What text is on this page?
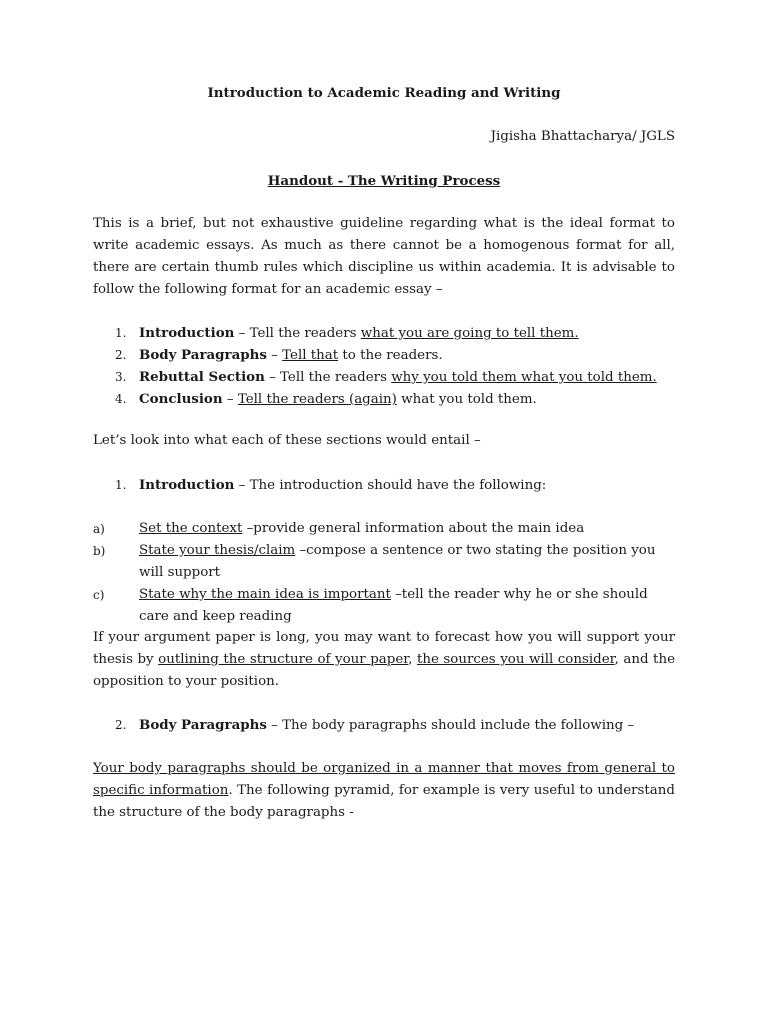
Introduction to Academic Reading and Writing
Jigisha Bhattacharya/ JGLS
Handout - The Writing Process
This is a brief, but not exhaustive guideline regarding what is the ideal format to write academic essays. As much as there cannot be a homogenous format for all, there are certain thumb rules which discipline us within academia. It is advisable to follow the following format for an academic essay –
1. Introduction – Tell the readers what you are going to tell them.
2. Body Paragraphs – Tell that to the readers.
3. Rebuttal Section – Tell the readers why you told them what you told them.
4. Conclusion – Tell the readers (again) what you told them.
Let’s look into what each of these sections would entail –
1. Introduction – The introduction should have the following:
a)	Set the context –provide general information about the main idea
b)	State your thesis/claim –compose a sentence or two stating the position you will support
c)	State why the main idea is important –tell the reader why he or she should care and keep reading
If your argument paper is long, you may want to forecast how you will support your thesis by outlining the structure of your paper, the sources you will consider, and the opposition to your position.
2. Body Paragraphs – The body paragraphs should include the following –
Your body paragraphs should be organized in a manner that moves from general to specific information. The following pyramid, for example is very useful to understand the structure of the body paragraphs -
